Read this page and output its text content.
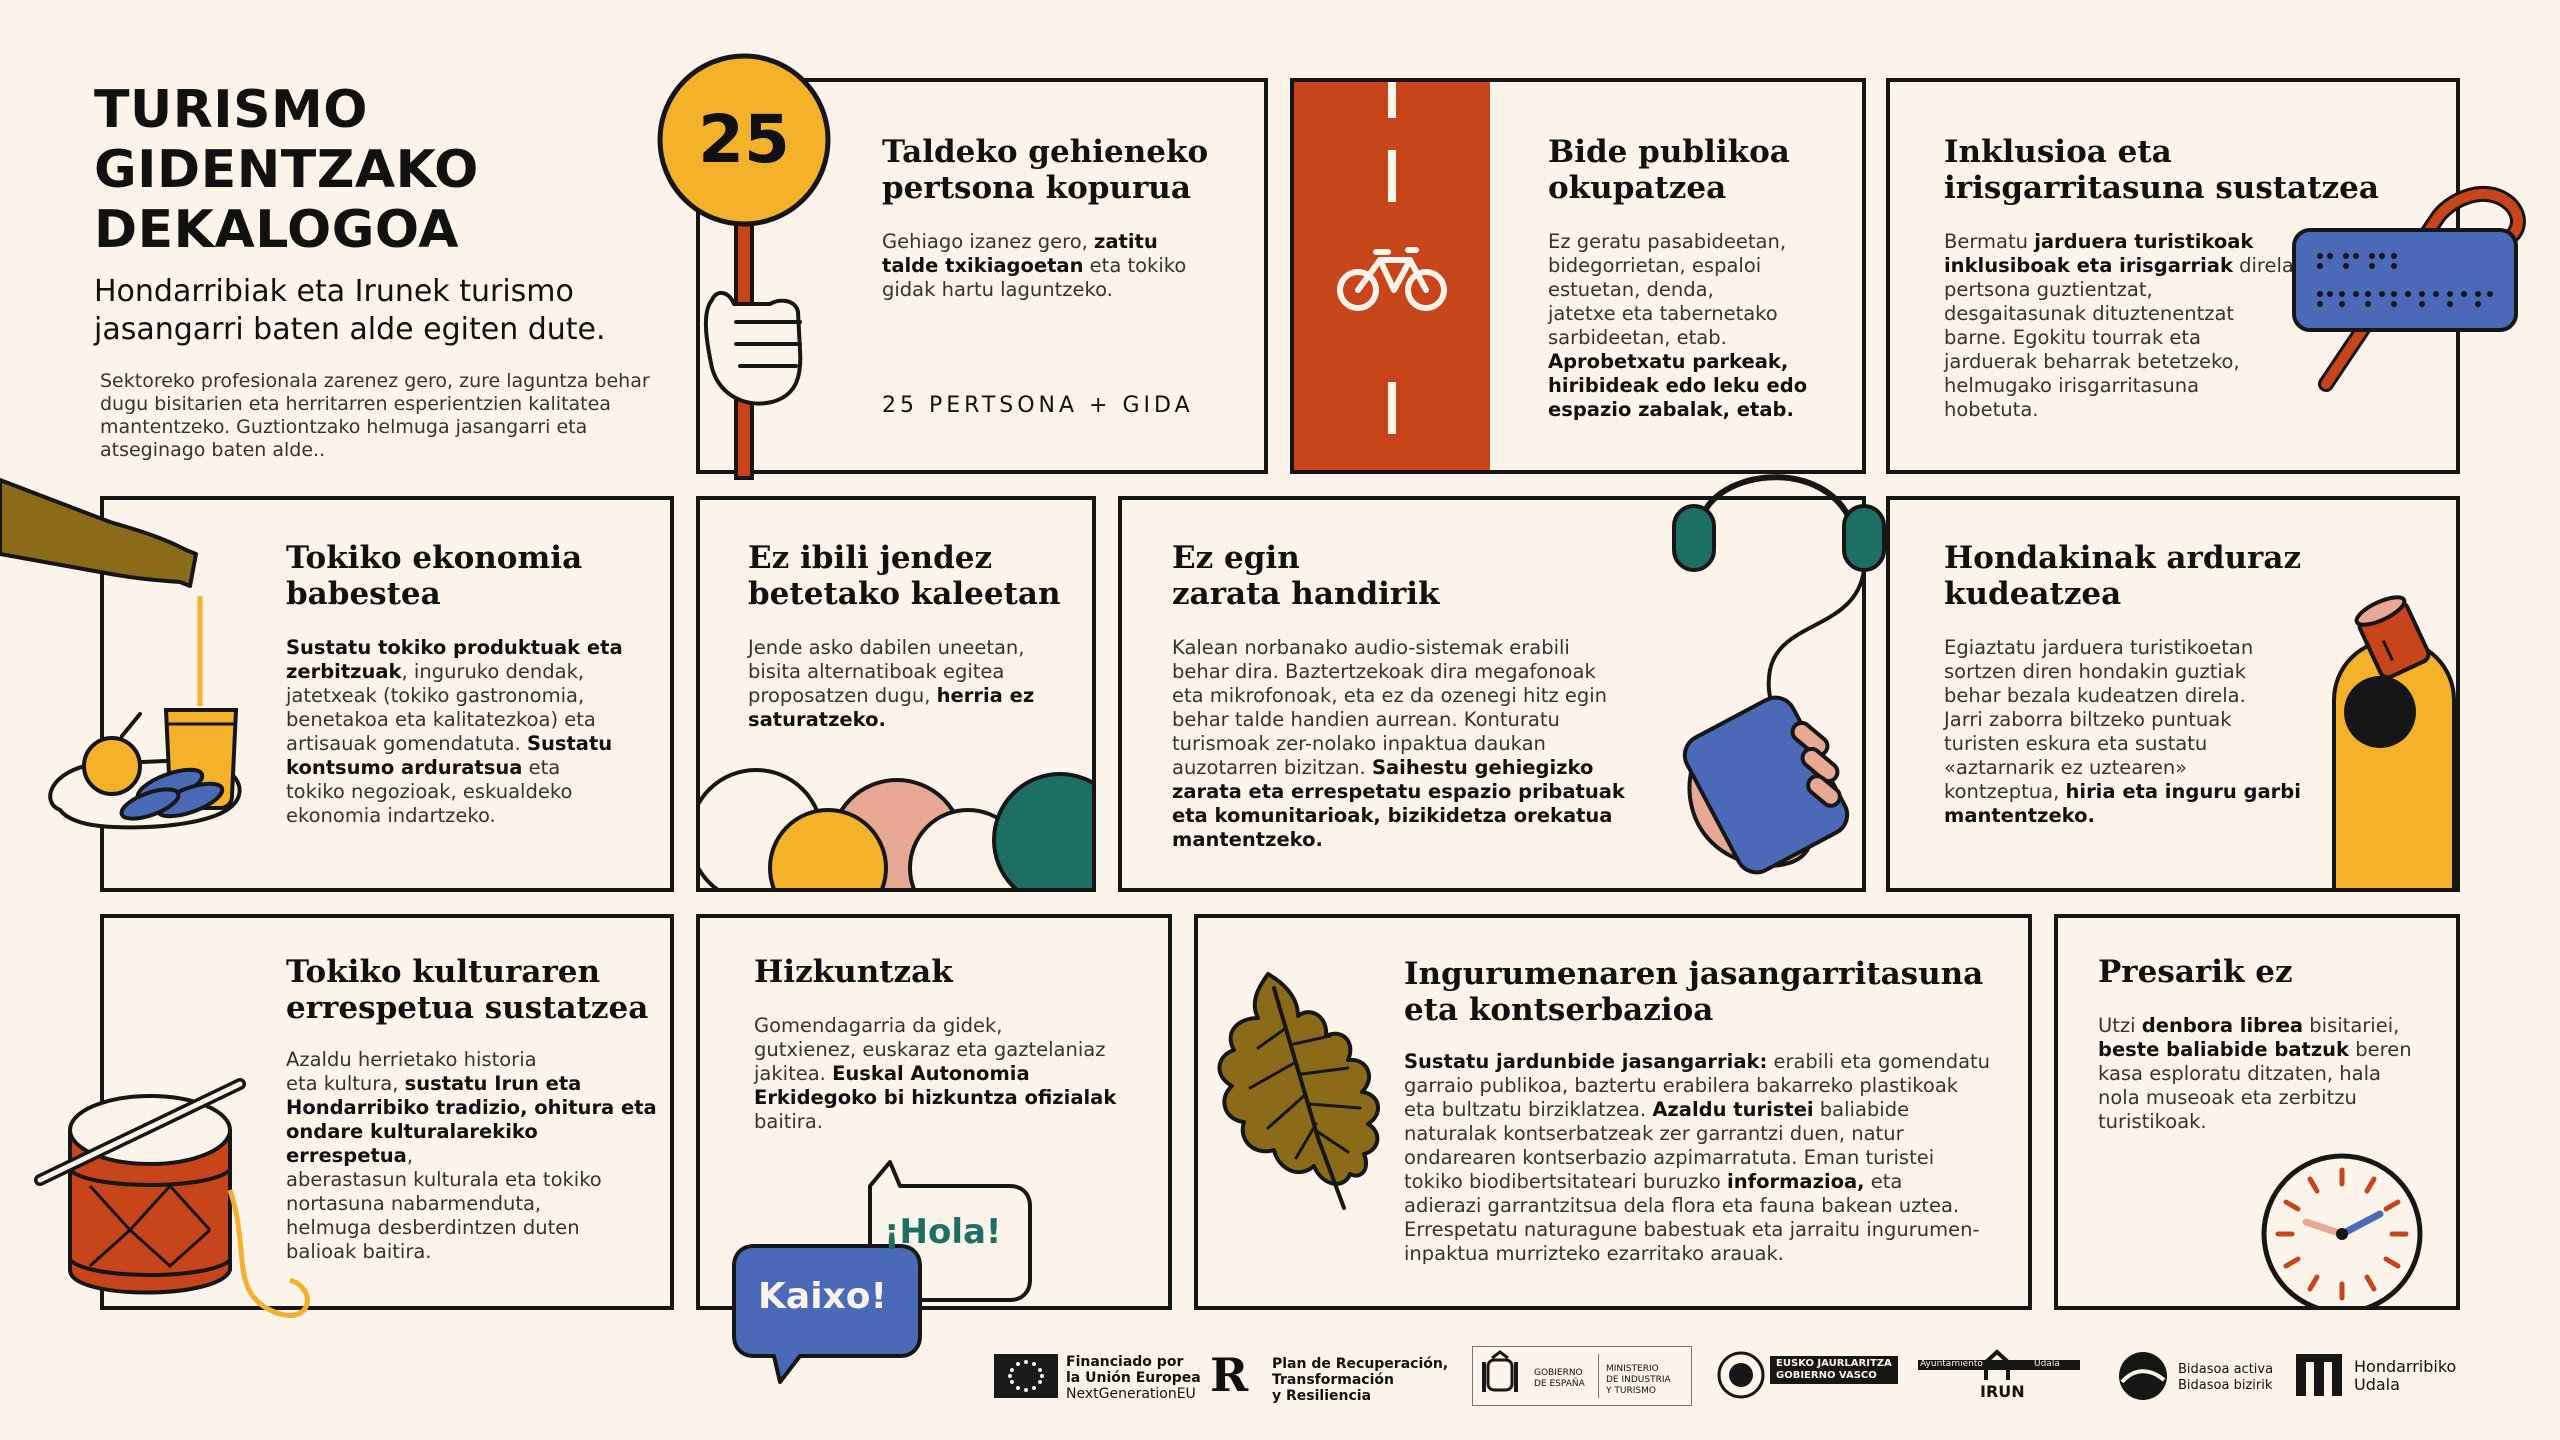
TURISMO
GIDENTZAKO
DEKALOGOA
Hondarribiak eta Irunek turismo
jasangarri baten alde egiten dute.
Sektoreko profesionala zarenez gero, zure laguntza behar
dugu bisitarien eta herritarren esperientzien kalitatea
mantentzeko. Guztiontzako helmuga jasangarri eta
atseginago baten alde..
Taldeko gehieneko
pertsona kopurua
Gehiago izanez gero, zatitu
talde txikiagoetan eta tokiko
gidak hartu laguntzeko.
25 PERTSONA + GIDA
Bide publikoa
okupatzea
Ez geratu pasabideetan,
bidegorrietan, espaloi
estuetan, denda,
jatetxe eta tabernetako
sarbideetan, etab.
Aprobetxatu parkeak,
hiribideak edo leku edo
espazio zabalak, etab.
Inklusioa eta
irisgarritasuna sustatzea
Bermatu jarduera turistikoak
inklusiboak eta irisgarriak direla
pertsona guztientzat,
desgaitasunak dituztenentzat
barne. Egokitu tourrak eta
jarduerak beharrak betetzeko,
helmugako irisgarritasuna
hobetuta.
Tokiko ekonomia
babestea
Sustatu tokiko produktuak eta
zerbitzuak, inguruko dendak,
jatetxeak (tokiko gastronomia,
benetakoa eta kalitatezkoa) eta
artisauak gomendatuta. Sustatu
kontsumo arduratsua eta
tokiko negozioak, eskualdeko
ekonomia indartzeko.
Ez ibili jendez
betetako kaleetan
Jende asko dabilen uneetan,
bisita alternatiboak egitea
proposatzen dugu, herria ez
saturatzeko.
Ez egin
zarata handirik
Kalean norbanako audio-sistemak erabili
behar dira. Baztertzekoak dira megafonoak
eta mikrofonoak, eta ez da ozenegi hitz egin
behar talde handien aurrean. Konturatu
turismoak zer-nolako inpaktua daukan
auzotarren bizitzan. Saihestu gehiegizko
zarata eta errespetatu espazio pribatuak
eta komunitarioak, bizikidetza orekatua
mantentzeko.
Hondakinak arduraz
kudeatzea
Egiaztatu jarduera turistikoetan
sortzen diren hondakin guztiak
behar bezala kudeatzen direla.
Jarri zaborra biltzeko puntuak
turisten eskura eta sustatu
«aztarnarik ez uztearen»
kontzeptua, hiria eta inguru garbi
mantentzeko.
Tokiko kulturaren
errespetua sustatzea
Azaldu herrietako historia
eta kultura, sustatu Irun eta
Hondarribiko tradizio, ohitura eta
ondare kulturalarekiko errespetua,
aberastasun kulturala eta tokiko
nortasuna nabarmenduta,
helmuga desberdintzen duten
balioak baitira.
Hizkuntzak
Gomendagarria da gidek,
gutxienez, euskaraz eta gaztelaniaz
jakitea. Euskal Autonomia
Erkidegoko bi hizkuntza ofizialak
baitira.
Ingurumenaren jasangarritasuna
eta kontserbazioa
Sustatu jardunbide jasangarriak: erabili eta gomendatu
garraio publikoa, baztertu erabilera bakarreko plastikoak
eta bultzatu birziklatzea. Azaldu turistei baliabide
naturalak kontserbatzeak zer garrantzi duen, natur
ondarearen kontserbazio azpimarratuta. Eman turistei
tokiko biodibertsitateari buruzko informazioa, eta
adierazi garrantzitsua dela flora eta fauna bakean uztea.
Errespetatu naturagune babestuak eta jarraitu ingurumen-
inpaktua murrizteko ezarritako arauak.
Presarik ez
Utzi denbora librea bisitariei,
beste baliabide batzuk beren
kasa esploratu ditzaten, hala
nola museoak eta zerbitzu
turistikoak.
25
¡Hola!
Kaixo!
Financiado por
la Unión Europea
NextGenerationEU R Plan de Recuperación,
Transformación
y Resiliencia
GOBIERNO
DE ESPAÑA
MINISTERIO
DE INDUSTRIA
Y TURISMO
EUSKO JAURLARITZA
GOBIERNO VASCO
Ayuntamiento	Udala
IRUN
Bidasoa activa
Bidasoa bizirik
Hondarribiko
Udala
